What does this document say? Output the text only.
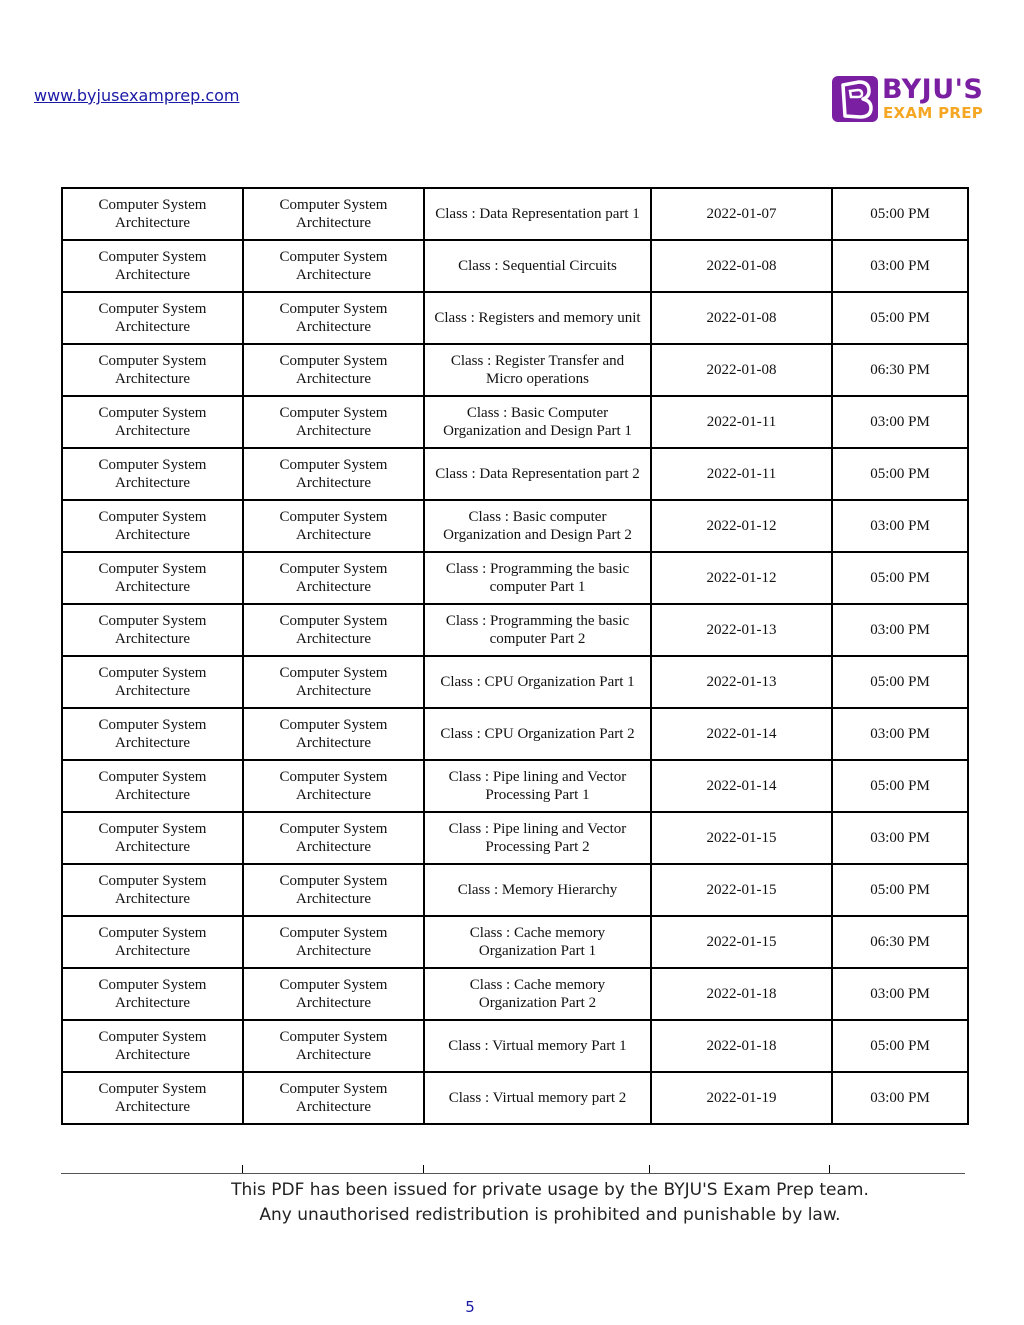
www.byjusexamprep.com	BYJU'S
EXAM PREP
Computer System Architecture	Computer System Architecture	Class : Data Representation part 1	2022-01-07	05:00 PM
Computer System Architecture	Computer System Architecture	Class : Sequential Circuits	2022-01-08	03:00 PM
Computer System Architecture	Computer System Architecture	Class : Registers and memory unit	2022-01-08	05:00 PM
Computer System Architecture	Computer System Architecture	Class : Register Transfer and Micro operations	2022-01-08	06:30 PM
Computer System Architecture	Computer System Architecture	Class : Basic Computer Organization and Design Part 1	2022-01-11	03:00 PM
Computer System Architecture	Computer System Architecture	Class : Data Representation part 2	2022-01-11	05:00 PM
Computer System Architecture	Computer System Architecture	Class : Basic computer Organization and Design Part 2	2022-01-12	03:00 PM
Computer System Architecture	Computer System Architecture	Class : Programming the basic computer Part 1	2022-01-12	05:00 PM
Computer System Architecture	Computer System Architecture	Class : Programming the basic computer Part 2	2022-01-13	03:00 PM
Computer System Architecture	Computer System Architecture	Class : CPU Organization Part 1	2022-01-13	05:00 PM
Computer System Architecture	Computer System Architecture	Class : CPU Organization Part 2	2022-01-14	03:00 PM
Computer System Architecture	Computer System Architecture	Class : Pipe lining and Vector Processing Part 1	2022-01-14	05:00 PM
Computer System Architecture	Computer System Architecture	Class : Pipe lining and Vector Processing Part 2	2022-01-15	03:00 PM
Computer System Architecture	Computer System Architecture	Class : Memory Hierarchy	2022-01-15	05:00 PM
Computer System Architecture	Computer System Architecture	Class : Cache memory Organization Part 1	2022-01-15	06:30 PM
Computer System Architecture	Computer System Architecture	Class : Cache memory Organization Part 2	2022-01-18	03:00 PM
Computer System Architecture	Computer System Architecture	Class : Virtual memory Part 1	2022-01-18	05:00 PM
Computer System Architecture	Computer System Architecture	Class : Virtual memory part 2	2022-01-19	03:00 PM
This PDF has been issued for private usage by the BYJU'S Exam Prep team.
Any unauthorised redistribution is prohibited and punishable by law.
5
